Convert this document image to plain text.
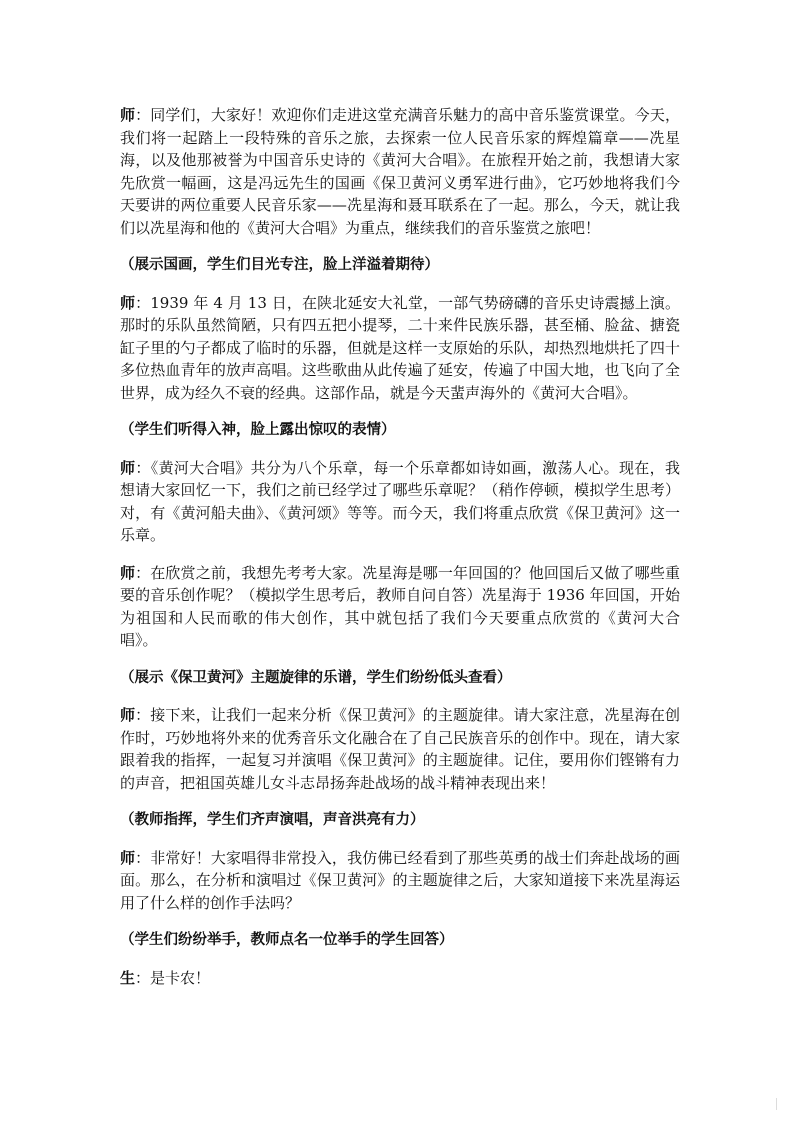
师：同学们，大家好！欢迎你们走进这堂充满音乐魅力的高中音乐鉴赏课堂。今天，我们将一起踏上一段特殊的音乐之旅，去探索一位人民音乐家的辉煌篇章——冼星海，以及他那被誉为中国音乐史诗的《黄河大合唱》。在旅程开始之前，我想请大家先欣赏一幅画，这是冯远先生的国画《保卫黄河义勇军进行曲》，它巧妙地将我们今天要讲的两位重要人民音乐家——冼星海和聂耳联系在了一起。那么，今天，就让我们以冼星海和他的《黄河大合唱》为重点，继续我们的音乐鉴赏之旅吧！

（展示国画，学生们目光专注，脸上洋溢着期待）

师：1939 年 4 月 13 日，在陕北延安大礼堂，一部气势磅礴的音乐史诗震撼上演。那时的乐队虽然简陋，只有四五把小提琴，二十来件民族乐器，甚至桶、脸盆、搪瓷缸子里的勺子都成了临时的乐器，但就是这样一支原始的乐队，却热烈地烘托了四十多位热血青年的放声高唱。这些歌曲从此传遍了延安，传遍了中国大地，也飞向了全世界，成为经久不衰的经典。这部作品，就是今天蜚声海外的《黄河大合唱》。

（学生们听得入神，脸上露出惊叹的表情）

师：《黄河大合唱》共分为八个乐章，每一个乐章都如诗如画，激荡人心。现在，我想请大家回忆一下，我们之前已经学过了哪些乐章呢？（稍作停顿，模拟学生思考）对，有《黄河船夫曲》、《黄河颂》等等。而今天，我们将重点欣赏《保卫黄河》这一乐章。

师：在欣赏之前，我想先考考大家。冼星海是哪一年回国的？他回国后又做了哪些重要的音乐创作呢？（模拟学生思考后，教师自问自答）冼星海于 1936 年回国，开始为祖国和人民而歌的伟大创作，其中就包括了我们今天要重点欣赏的《黄河大合唱》。

（展示《保卫黄河》主题旋律的乐谱，学生们纷纷低头查看）

师：接下来，让我们一起来分析《保卫黄河》的主题旋律。请大家注意，冼星海在创作时，巧妙地将外来的优秀音乐文化融合在了自己民族音乐的创作中。现在，请大家跟着我的指挥，一起复习并演唱《保卫黄河》的主题旋律。记住，要用你们铿锵有力的声音，把祖国英雄儿女斗志昂扬奔赴战场的战斗精神表现出来！

（教师指挥，学生们齐声演唱，声音洪亮有力）

师：非常好！大家唱得非常投入，我仿佛已经看到了那些英勇的战士们奔赴战场的画面。那么，在分析和演唱过《保卫黄河》的主题旋律之后，大家知道接下来冼星海运用了什么样的创作手法吗？

（学生们纷纷举手，教师点名一位举手的学生回答）

生：是卡农！
